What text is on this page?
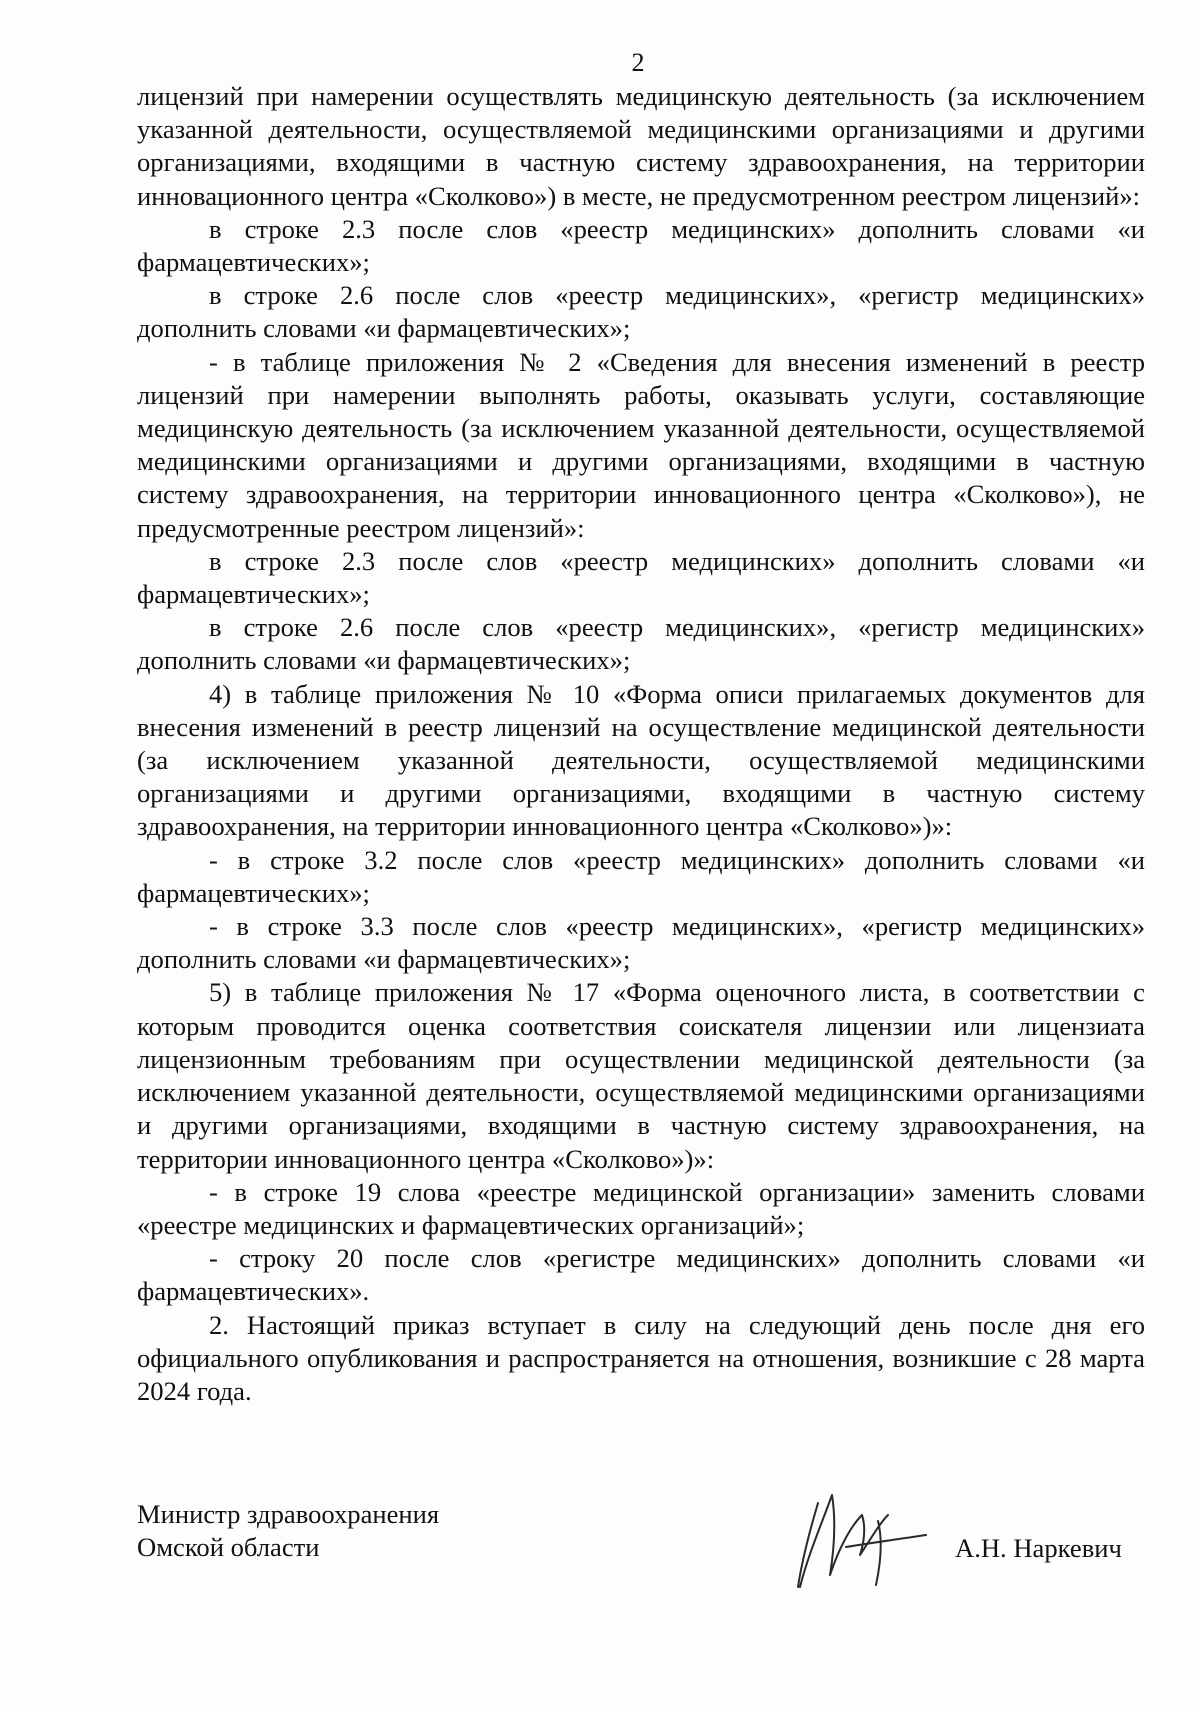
2

лицензий при намерении осуществлять медицинскую деятельность (за исключением указанной деятельности, осуществляемой медицинскими организациями и другими организациями, входящими в частную систему здравоохранения, на территории инновационного центра «Сколково») в месте, не предусмотренном реестром лицензий»:

в строке 2.3 после слов «реестр медицинских» дополнить словами «и фармацевтических»;

в строке 2.6 после слов «реестр медицинских», «регистр медицинских» дополнить словами «и фармацевтических»;

- в таблице приложения № 2 «Сведения для внесения изменений в реестр лицензий при намерении выполнять работы, оказывать услуги, составляющие медицинскую деятельность (за исключением указанной деятельности, осуществляемой медицинскими организациями и другими организациями, входящими в частную систему здравоохранения, на территории инновационного центра «Сколково»), не предусмотренные реестром лицензий»:

в строке 2.3 после слов «реестр медицинских» дополнить словами «и фармацевтических»;

в строке 2.6 после слов «реестр медицинских», «регистр медицинских» дополнить словами «и фармацевтических»;

4) в таблице приложения № 10 «Форма описи прилагаемых документов для внесения изменений в реестр лицензий на осуществление медицинской деятельности (за исключением указанной деятельности, осуществляемой медицинскими организациями и другими организациями, входящими в частную систему здравоохранения, на территории инновационного центра «Сколково»)»:

- в строке 3.2 после слов «реестр медицинских» дополнить словами «и фармацевтических»;

- в строке 3.3 после слов «реестр медицинских», «регистр медицинских» дополнить словами «и фармацевтических»;

5) в таблице приложения № 17 «Форма оценочного листа, в соответствии с которым проводится оценка соответствия соискателя лицензии или лицензиата лицензионным требованиям при осуществлении медицинской деятельности (за исключением указанной деятельности, осуществляемой медицинскими организациями и другими организациями, входящими в частную систему здравоохранения, на территории инновационного центра «Сколково»)»:

- в строке 19 слова «реестре медицинской организации» заменить словами «реестре медицинских и фармацевтических организаций»;

- строку 20 после слов «регистре медицинских» дополнить словами «и фармацевтических».

2. Настоящий приказ вступает в силу на следующий день после дня его официального опубликования и распространяется на отношения, возникшие с 28 марта 2024 года.

Министр здравоохранения
Омской области	А.Н. Наркевич
